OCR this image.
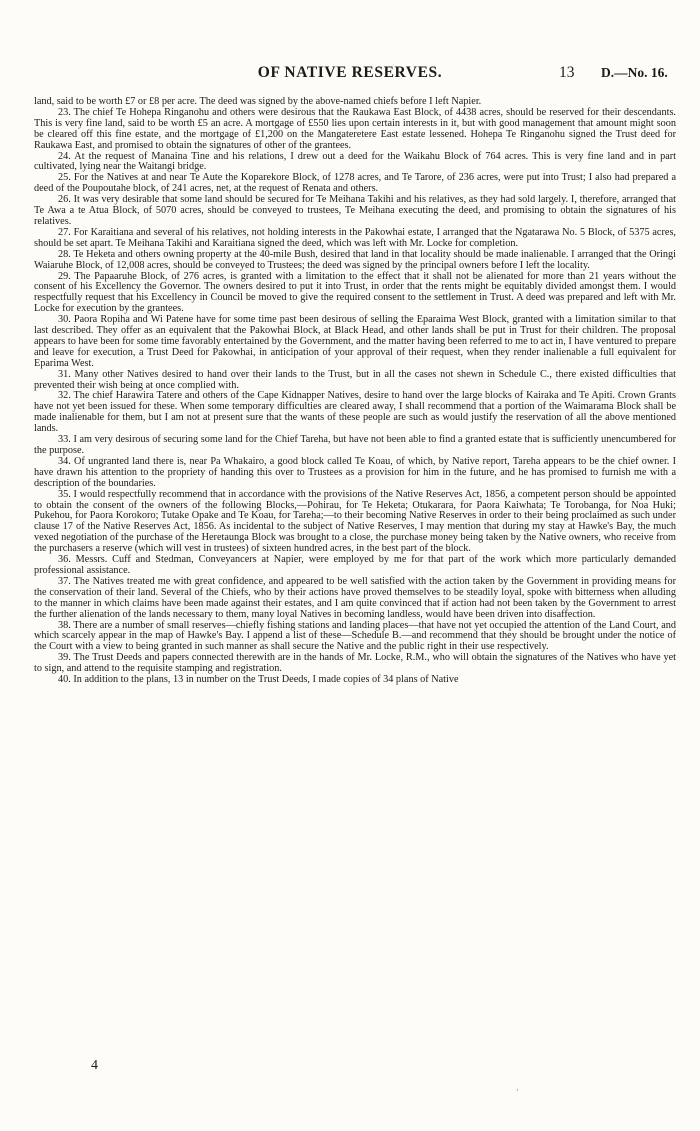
OF NATIVE RESERVES.	13 D.—No. 16.

land, said to be worth £7 or £8 per acre. The deed was signed by the above-named chiefs before I left Napier.

23. The chief Te Hohepa Ringanohu and others were desirous that the Raukawa East Block, of 4438 acres, should be reserved for their descendants. This is very fine land, said to be worth £5 an acre. A mortgage of £550 lies upon certain interests in it, but with good management that amount might soon be cleared off this fine estate, and the mortgage of £1,200 on the Mangateretere East estate lessened. Hohepa Te Ringanohu signed the Trust deed for Raukawa East, and promised to obtain the signatures of other of the grantees.

24. At the request of Manaina Tine and his relations, I drew out a deed for the Waikahu Block of 764 acres. This is very fine land and in part cultivated, lying near the Waitangi bridge.

25. For the Natives at and near Te Aute the Koparekore Block, of 1278 acres, and Te Tarore, of 236 acres, were put into Trust; I also had prepared a deed of the Poupoutahe block, of 241 acres, net, at the request of Renata and others.

26. It was very desirable that some land should be secured for Te Meihana Takihi and his relatives, as they had sold largely. I, therefore, arranged that Te Awa a te Atua Block, of 5070 acres, should be conveyed to trustees, Te Meihana executing the deed, and promising to obtain the signatures of his relatives.

27. For Karaitiana and several of his relatives, not holding interests in the Pakowhai estate, I arranged that the Ngatarawa No. 5 Block, of 5375 acres, should be set apart. Te Meihana Takihi and Karaitiana signed the deed, which was left with Mr. Locke for completion.

28. Te Heketa and others owning property at the 40-mile Bush, desired that land in that locality should be made inalienable. I arranged that the Oringi Waiaruhe Block, of 12,008 acres, should be conveyed to Trustees; the deed was signed by the principal owners before I left the locality.

29. The Papaaruhe Block, of 276 acres, is granted with a limitation to the effect that it shall not be alienated for more than 21 years without the consent of his Excellency the Governor. The owners desired to put it into Trust, in order that the rents might be equitably divided amongst them. I would respectfully request that his Excellency in Council be moved to give the required consent to the settlement in Trust. A deed was prepared and left with Mr. Locke for execution by the grantees.

30. Paora Ropiha and Wi Patene have for some time past been desirous of selling the Eparaima West Block, granted with a limitation similar to that last described. They offer as an equivalent that the Pakowhai Block, at Black Head, and other lands shall be put in Trust for their children. The proposal appears to have been for some time favorably entertained by the Government, and the matter having been referred to me to act in, I have ventured to prepare and leave for execution, a Trust Deed for Pakowhai, in anticipation of your approval of their request, when they render inalienable a full equivalent for Eparima West.

31. Many other Natives desired to hand over their lands to the Trust, but in all the cases not shewn in Schedule C., there existed difficulties that prevented their wish being at once complied with.

32. The chief Harawira Tatere and others of the Cape Kidnapper Natives, desire to hand over the large blocks of Kairaka and Te Apiti. Crown Grants have not yet been issued for these. When some temporary difficulties are cleared away, I shall recommend that a portion of the Waimarama Block shall be made inalienable for them, but I am not at present sure that the wants of these people are such as would justify the reservation of all the above mentioned lands.

33. I am very desirous of securing some land for the Chief Tareha, but have not been able to find a granted estate that is sufficiently unencumbered for the purpose.

34. Of ungranted land there is, near Pa Whakairo, a good block called Te Koau, of which, by Native report, Tareha appears to be the chief owner. I have drawn his attention to the propriety of handing this over to Trustees as a provision for him in the future, and he has promised to furnish me with a description of the boundaries.

35. I would respectfully recommend that in accordance with the provisions of the Native Reserves Act, 1856, a competent person should be appointed to obtain the consent of the owners of the following Blocks,—Pohirau, for Te Heketa; Otukarara, for Paora Kaiwhata; Te Torobanga, for Noa Huki; Pukehou, for Paora Korokoro; Tutake Opake and Te Koau, for Tareha;—to their becoming Native Reserves in order to their being proclaimed as such under clause 17 of the Native Reserves Act, 1856. As incidental to the subject of Native Reserves, I may mention that during my stay at Hawke's Bay, the much vexed negotiation of the purchase of the Heretaunga Block was brought to a close, the purchase money being taken by the Native owners, who receive from the purchasers a reserve (which will vest in trustees) of sixteen hundred acres, in the best part of the block.

36. Messrs. Cuff and Stedman, Conveyancers at Napier, were employed by me for that part of the work which more particularly demanded professional assistance.

37. The Natives treated me with great confidence, and appeared to be well satisfied with the action taken by the Government in providing means for the conservation of their land. Several of the Chiefs, who by their actions have proved themselves to be steadily loyal, spoke with bitterness when alluding to the manner in which claims have been made against their estates, and I am quite convinced that if action had not been taken by the Government to arrest the further alienation of the lands necessary to them, many loyal Natives in becoming landless, would have been driven into disaffection.

38. There are a number of small reserves—chiefly fishing stations and landing places—that have not yet occupied the attention of the Land Court, and which scarcely appear in the map of Hawke's Bay. I append a list of these—Schedule B.—and recommend that they should be brought under the notice of the Court with a view to being granted in such manner as shall secure the Native and the public right in their use respectively.

39. The Trust Deeds and papers connected therewith are in the hands of Mr. Locke, R.M., who will obtain the signatures of the Natives who have yet to sign, and attend to the requisite stamping and registration.

40. In addition to the plans, 13 in number on the Trust Deeds, I made copies of 34 plans of Native

4
·
